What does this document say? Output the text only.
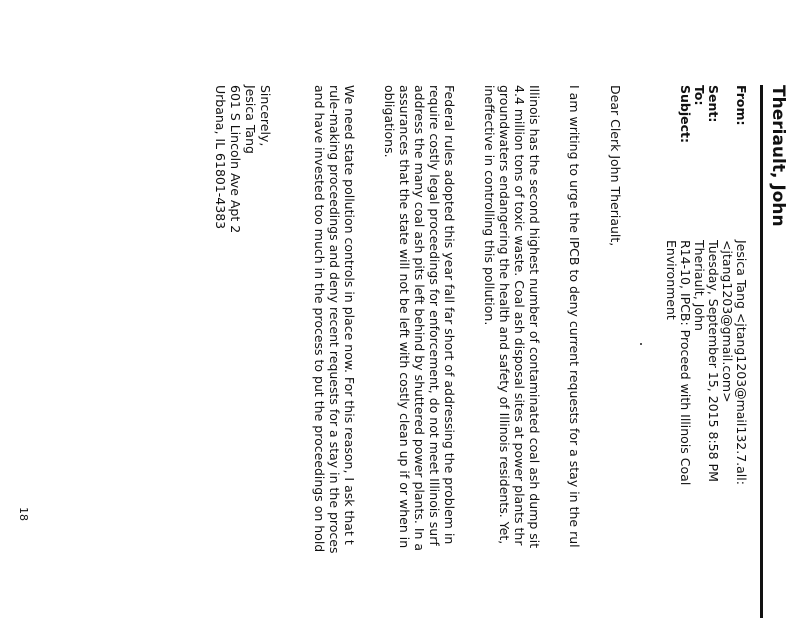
Theriault, John
From:
Jesica Tang <jtang1203@mail132.7.all:
<jtang1203@gmail.com>
Sent:
Tuesday, September 15, 2015 8:58 PM
To:
Theriault, John
Subject:
R14-10, IPCB: Proceed with Illinois Coal
Environment
Dear Clerk John Theriault,
I am writing to urge the IPCB to deny current requests for a stay in the rul
Illinois has the second highest number of contaminated coal ash dump sit
4.4 million tons of toxic waste. Coal ash disposal sites at power plants thr
groundwaters endangering the health and safety of Illinois residents. Yet,
ineffective in controlling this pollution.
Federal rules adopted this year fall far short of addressing the problem in
require costly legal proceedings for enforcement, do not meet Illinois surf
address the many coal ash pits left behind by shuttered power plants. In a
assurances that the state will not be left with costly clean up if or when in
obligations.
We need state pollution controls in place now. For this reason, I ask that t
rule-making proceedings and deny recent requests for a stay in the proces
and have invested too much in the process to put the proceedings on hold
Sincerely,
Jesica Tang
601 S Lincoln Ave Apt 2
Urbana, IL 61801-4383
18
